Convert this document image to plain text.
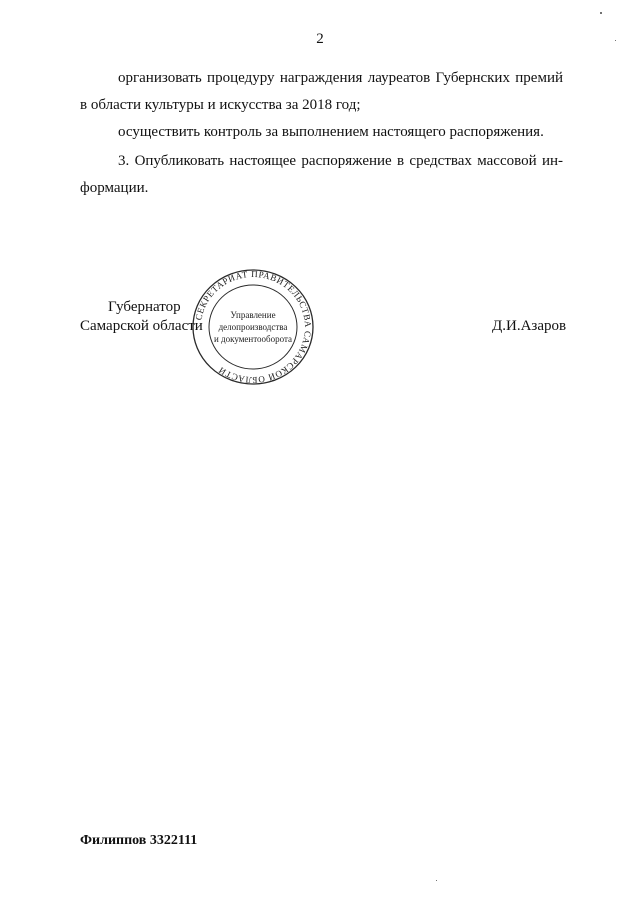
2
организовать процедуру награждения лауреатов Губернских премий
в области культуры и искусства за 2018 год;
осуществить контроль за выполнением настоящего распоряжения.
3. Опубликовать настоящее распоряжение в средствах массовой ин-
формации.
Губернатор
Самарской области	Д.И.Азаров
СЕКРЕТАРИАТ ПРАВИТЕЛЬСТВА САМАРСКОЙ ОБЛАСТИ
Управление
делопроизводства
и документооборота
Филиппов 3322111
